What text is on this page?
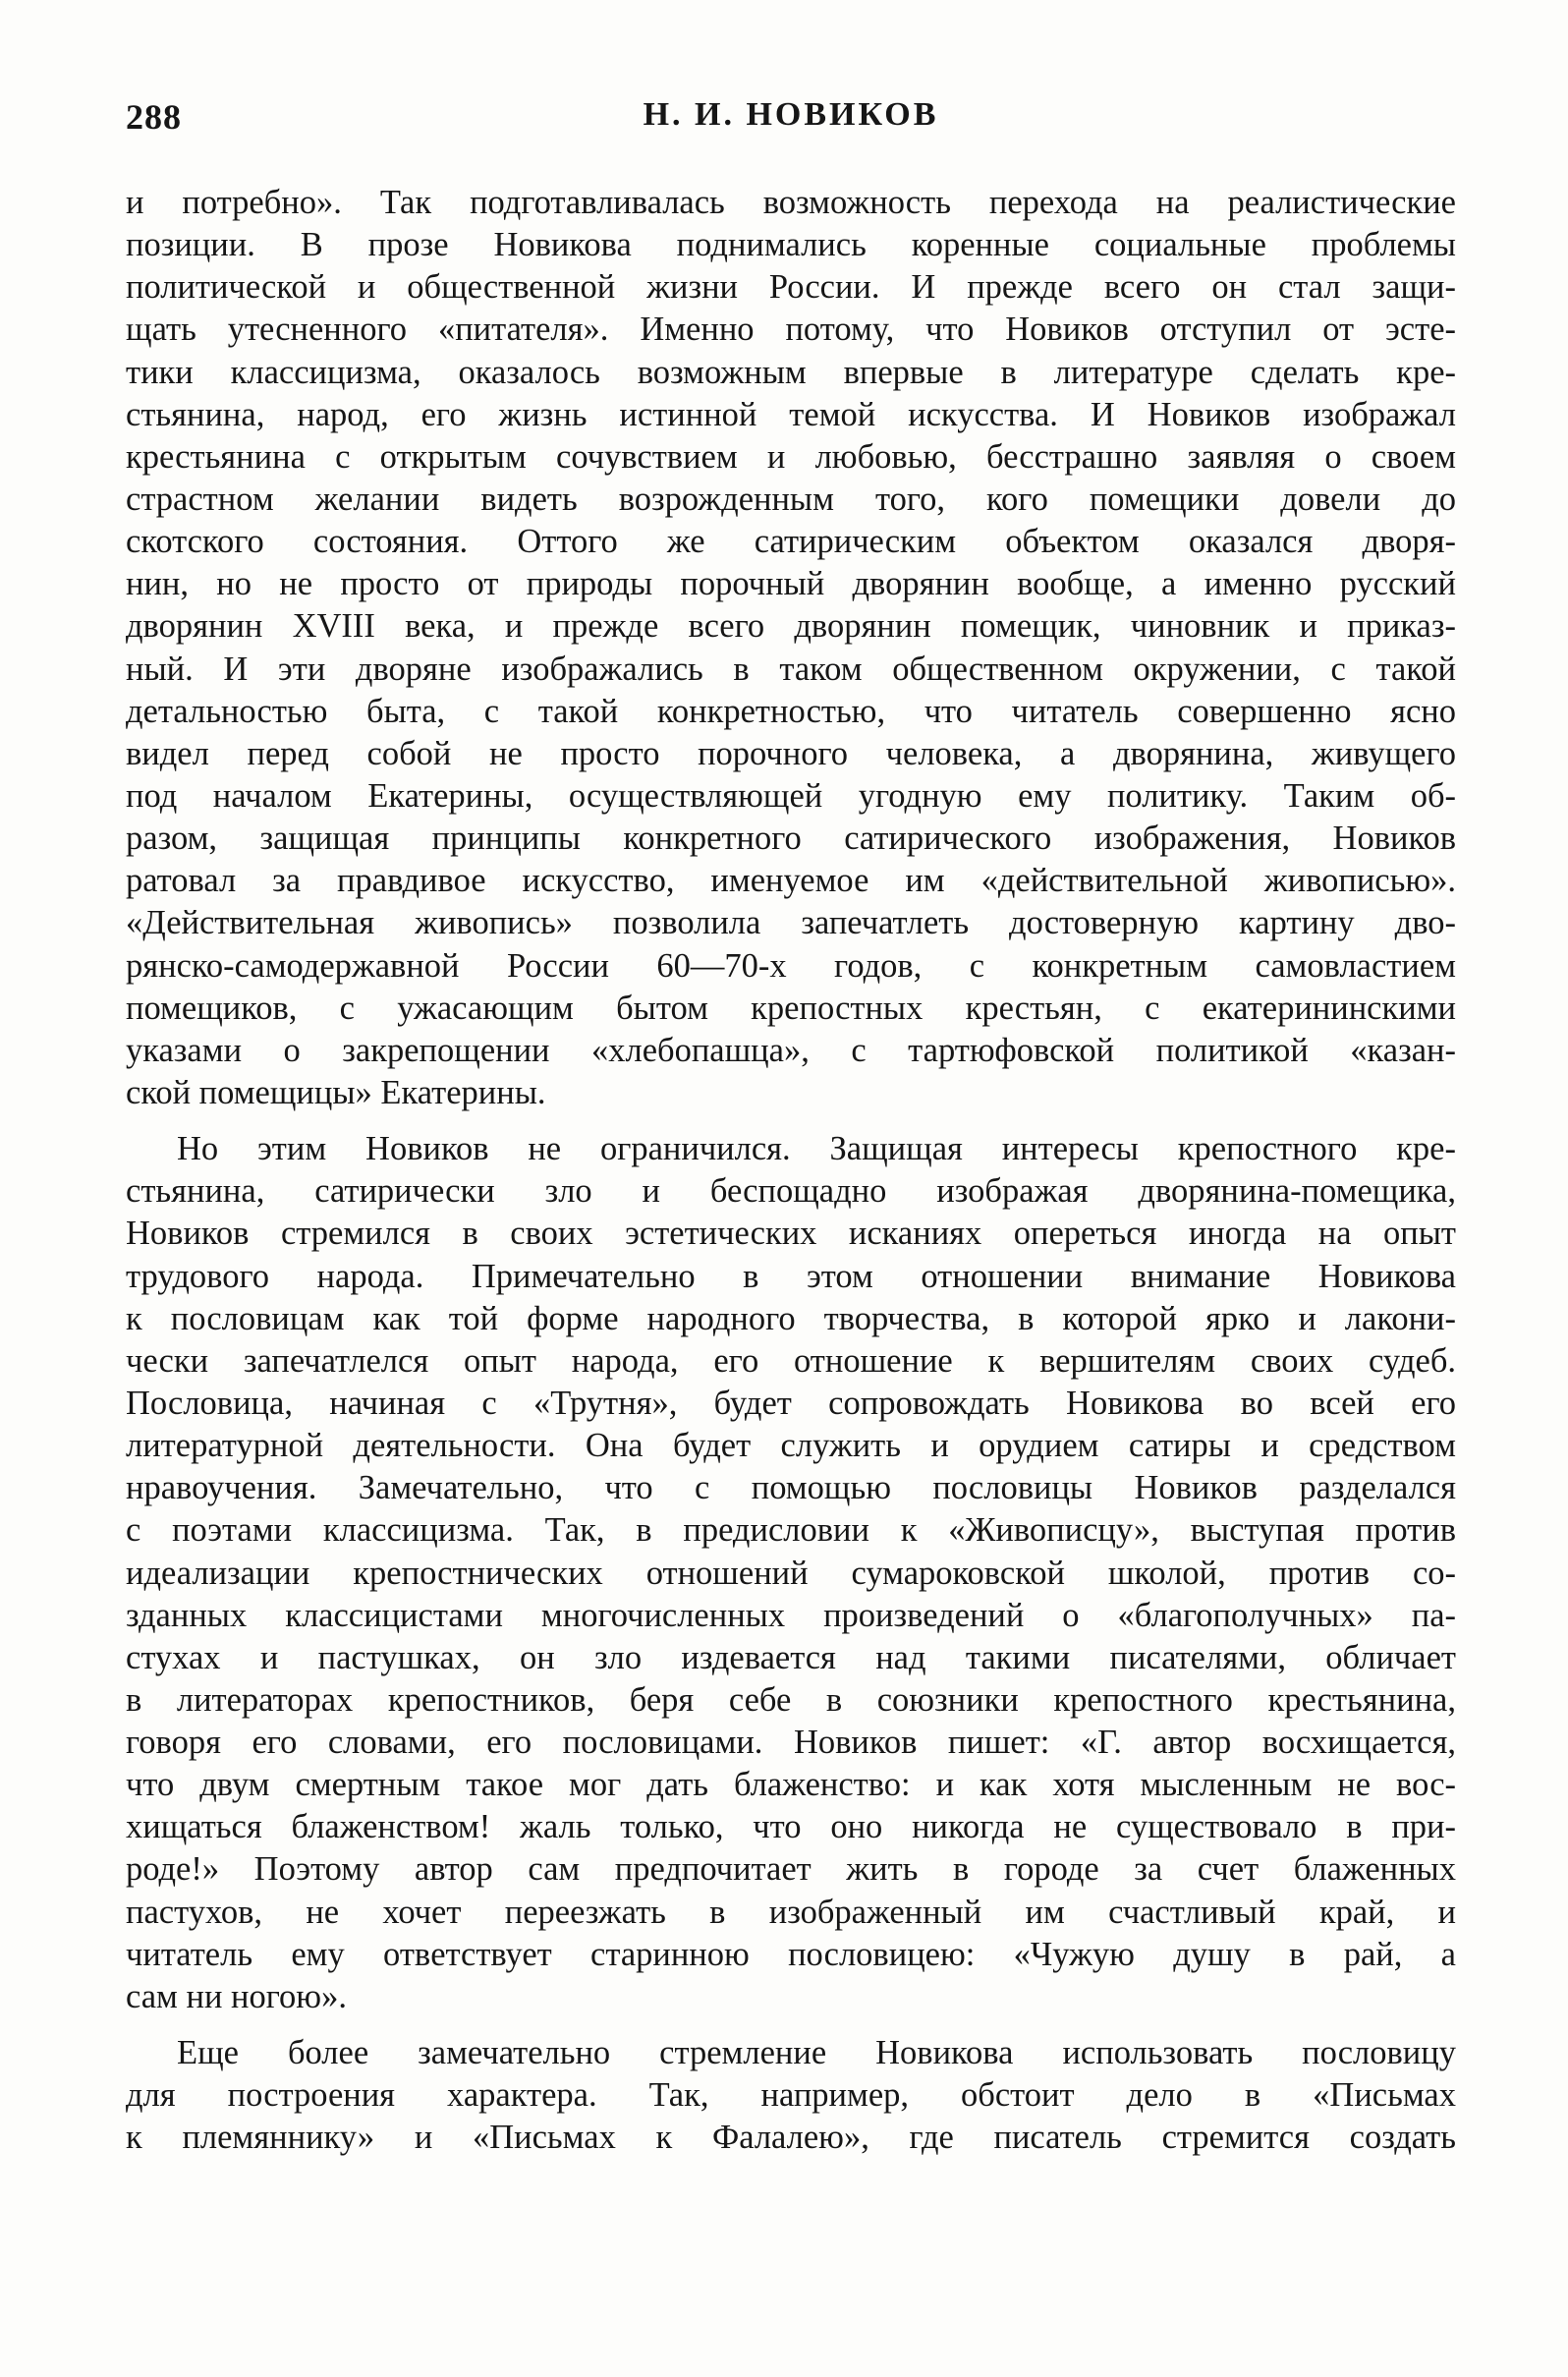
288	Н. И. НОВИКОВ
и потребно». Так подготавливалась возможность перехода на реалистические
позиции. В прозе Новикова поднимались коренные социальные проблемы
политической и общественной жизни России. И прежде всего он стал защи-
щать утесненного «питателя». Именно потому, что Новиков отступил от эсте-
тики классицизма, оказалось возможным впервые в литературе сделать кре-
стьянина, народ, его жизнь истинной темой искусства. И Новиков изображал
крестьянина с открытым сочувствием и любовью, бесстрашно заявляя о своем
страстном желании видеть возрожденным того, кого помещики довели до
скотского состояния. Оттого же сатирическим объектом оказался дворя-
нин, но не просто от природы порочный дворянин вообще, а именно русский
дворянин XVIII века, и прежде всего дворянин помещик, чиновник и приказ-
ный. И эти дворяне изображались в таком общественном окружении, с такой
детальностью быта, с такой конкретностью, что читатель совершенно ясно
видел перед собой не просто порочного человека, а дворянина, живущего
под началом Екатерины, осуществляющей угодную ему политику. Таким об-
разом, защищая принципы конкретного сатирического изображения, Новиков
ратовал за правдивое искусство, именуемое им «действительной живописью».
«Действительная живопись» позволила запечатлеть достоверную картину дво-
рянско-самодержавной России 60—70-х годов, с конкретным самовластием
помещиков, с ужасающим бытом крепостных крестьян, с екатерининскими
указами о закрепощении «хлебопашца», с тартюфовской политикой «казан-
ской помещицы» Екатерины.
Но этим Новиков не ограничился. Защищая интересы крепостного кре-
стьянина, сатирически зло и беспощадно изображая дворянина-помещика,
Новиков стремился в своих эстетических исканиях опереться иногда на опыт
трудового народа. Примечательно в этом отношении внимание Новикова
к пословицам как той форме народного творчества, в которой ярко и лакони-
чески запечатлелся опыт народа, его отношение к вершителям своих судеб.
Пословица, начиная с «Трутня», будет сопровождать Новикова во всей его
литературной деятельности. Она будет служить и орудием сатиры и средством
нравоучения. Замечательно, что с помощью пословицы Новиков разделался
с поэтами классицизма. Так, в предисловии к «Живописцу», выступая против
идеализации крепостнических отношений сумароковской школой, против со-
зданных классицистами многочисленных произведений о «благополучных» па-
стухах и пастушках, он зло издевается над такими писателями, обличает
в литераторах крепостников, беря себе в союзники крепостного крестьянина,
говоря его словами, его пословицами. Новиков пишет: «Г. автор восхищается,
что двум смертным такое мог дать блаженство: и как хотя мысленным не вос-
хищаться блаженством! жаль только, что оно никогда не существовало в при-
роде!» Поэтому автор сам предпочитает жить в городе за счет блаженных
пастухов, не хочет переезжать в изображенный им счастливый край, и
читатель ему отвeтствует старинною пословицею: «Чужую душу в рай, а
сам ни ногою».
Еще более замечательно стремление Новикова использовать пословицу
для построения характера. Так, например, обстоит дело в «Письмах
к племяннику» и «Письмах к Фалалею», где писатель стремится создать
